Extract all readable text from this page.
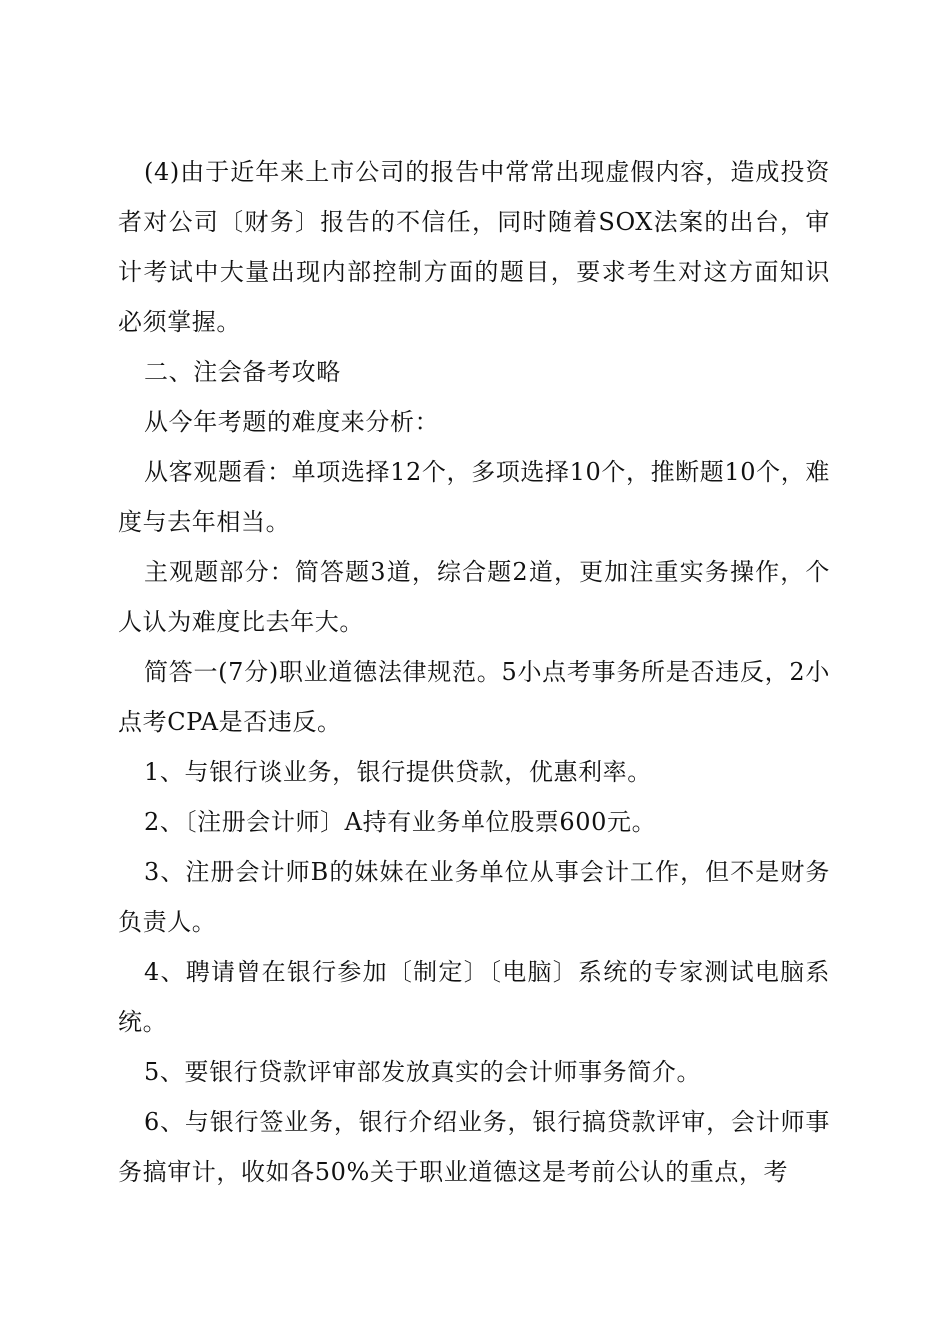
(4)由于近年来上市公司的报告中常常出现虚假内容，造成投资者对公司〔财务〕报告的不信任，同时随着SOX法案的出台，审计考试中大量出现内部控制方面的题目，要求考生对这方面知识必须掌握。

二、注会备考攻略

从今年考题的难度来分析：

从客观题看：单项选择12个，多项选择10个，推断题10个，难度与去年相当。

主观题部分：简答题3道，综合题2道，更加注重实务操作，个人认为难度比去年大。

简答一(7分)职业道德法律规范。5小点考事务所是否违反，2小点考CPA是否违反。

1、与银行谈业务，银行提供贷款，优惠利率。

2、〔注册会计师〕A持有业务单位股票600元。

3、注册会计师B的妹妹在业务单位从事会计工作，但不是财务负责人。

4、聘请曾在银行参加〔制定〕〔电脑〕系统的专家测试电脑系统。

5、要银行贷款评审部发放真实的会计师事务简介。

6、与银行签业务，银行介绍业务，银行搞贷款评审，会计师事务搞审计，收如各50%关于职业道德这是考前公认的重点，考
